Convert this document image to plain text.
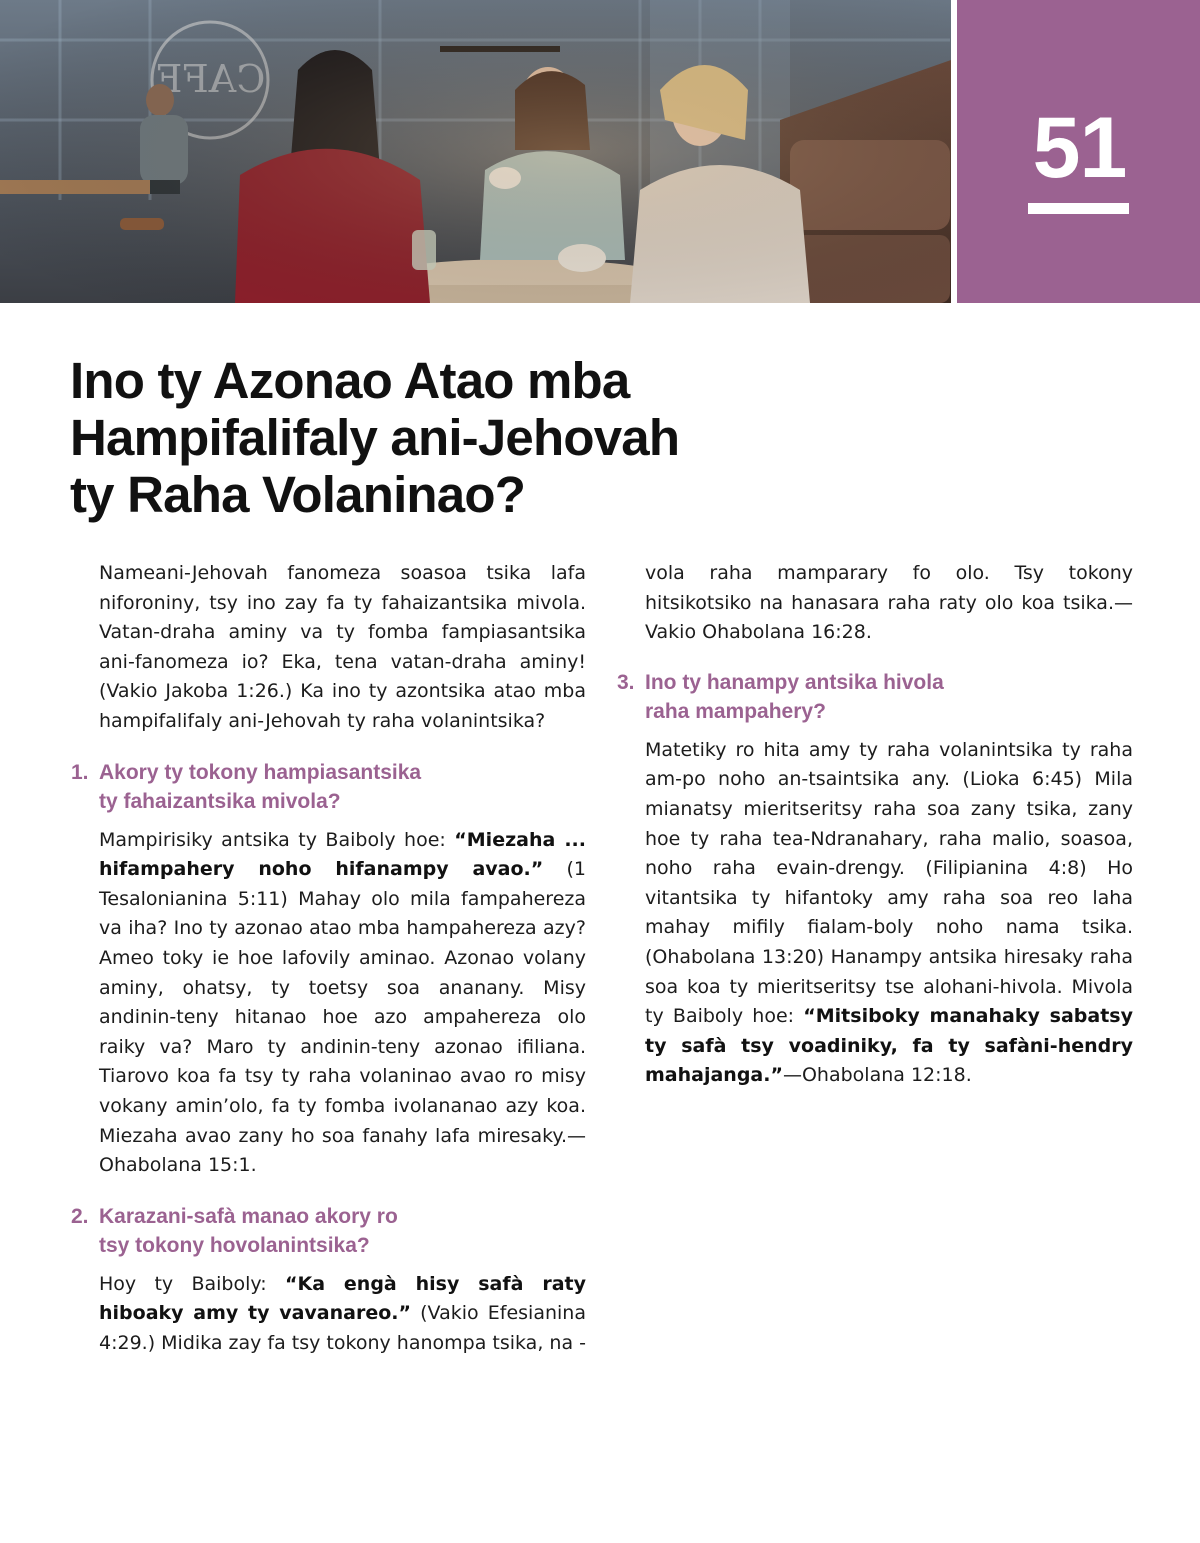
51
Ino ty Azonao Atao mba
Hampifalifaly ani-Jehovah
ty Raha Volaninao?

Nameani-Jehovah fanomeza soasoa tsika lafa niforoniny, tsy ino zay fa ty fahaizantsika mivola. Vatan-draha aminy va ty fomba fampiasantsika ani-fanomeza io? Eka, tena vatan-draha aminy! (Vakio Jakoba 1:26.) Ka ino ty azontsika atao mba hampifalifaly ani-Jehovah ty raha volanintsika?

1. Akory ty tokony hampiasantsika
ty fahaizantsika mivola?

Mampirisiky antsika ty Baiboly hoe: “Miezaha ... hifampahery noho hifanampy avao.” (1 Tesalonianina 5:11) Mahay olo mila fampahereza va iha? Ino ty azonao atao mba hampahereza azy? Ameo toky ie hoe lafovily aminao. Azonao volany aminy, ohatsy, ty toetsy soa ananany. Misy andinin-teny hitanao hoe azo ampahereza olo raiky va? Maro ty andinin-teny azonao ifiliana. Tiarovo koa fa tsy ty raha volaninao avao ro misy vokany amin’olo, fa ty fomba ivolananao azy koa. Miezaha avao zany ho soa fanahy lafa miresaky.—Ohabolana 15:1.

2. Karazani-safà manao akory ro
tsy tokony hovolanintsika?

Hoy ty Baiboly: “Ka engà hisy safà raty hiboaky amy ty vavanareo.” (Vakio Efesianina 4:29.) Midika zay fa tsy tokony hanompa tsika, na -

vola raha mamparary fo olo. Tsy tokony hitsikotsiko na hanasara raha raty olo koa tsika.—Vakio Ohabolana 16:28.

3. Ino ty hanampy antsika hivola
raha mampahery?

Matetiky ro hita amy ty raha volanintsika ty raha am-po noho an-tsaintsika any. (Lioka 6:45) Mila mianatsy mieritseritsy raha soa zany tsika, zany hoe ty raha tea-Ndranahary, raha malio, soasoa, noho raha evain-drengy. (Filipianina 4:8) Ho vitantsika ty hifantoky amy raha soa reo laha mahay mifily fialam-boly noho nama tsika. (Ohabolana 13:20) Hanampy antsika hiresaky raha soa koa ty mieritseritsy tse alohani-hivola. Mivola ty Baiboly hoe: “Mitsiboky manahaky sabatsy ty safà tsy voadiniky, fa ty safàni-hendry mahajanga.”—Ohabolana 12:18.
